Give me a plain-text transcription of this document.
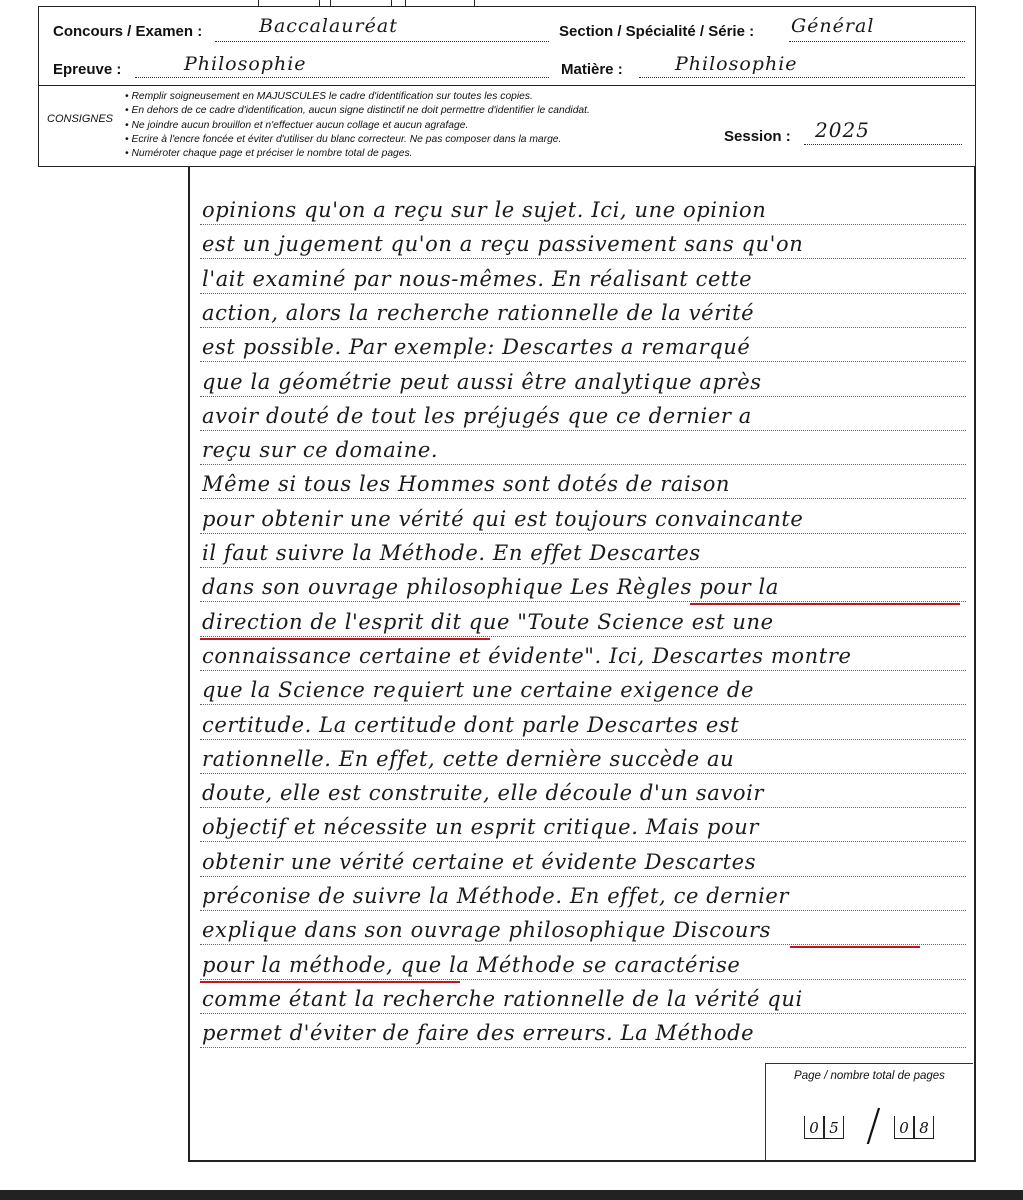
Concours / Examen :	Baccalauréat	Section / Spécialité / Série : Général
Epreuve :	Philosophie	Matière :	Philosophie
CONSIGNES
• Remplir soigneusement en MAJUSCULES le cadre d'identification sur toutes les copies.
• En dehors de ce cadre d'identification, aucun signe distinctif ne doit permettre d'identifier le candidat.
• Ne joindre aucun brouillon et n'effectuer aucun collage et aucun agrafage.
• Ecrire à l'encre foncée et éviter d'utiliser du blanc correcteur. Ne pas composer dans la marge.
• Numéroter chaque page et préciser le nombre total de pages.
Session : 2025
opinions qu'on a reçu sur le sujet. Ici, une opinion
est un jugement qu'on a reçu passivement sans qu'on
l'ait examiné par nous-mêmes. En réalisant cette
action, alors la recherche rationnelle de la vérité
est possible. Par exemple: Descartes a remarqué
que la géométrie peut aussi être analytique après
avoir douté de tout les préjugés que ce dernier a
reçu sur ce domaine.
Même si tous les Hommes sont dotés de raison
pour obtenir une vérité qui est toujours convaincante
il faut suivre la Méthode. En effet Descartes
dans son ouvrage philosophique Les Règles pour la
direction de l'esprit dit que "Toute Science est une
connaissance certaine et évidente". Ici, Descartes montre
que la Science requiert une certaine exigence de
certitude. La certitude dont parle Descartes est
rationnelle. En effet, cette dernière succède au
doute, elle est construite, elle découle d'un savoir
objectif et nécessite un esprit critique. Mais pour
obtenir une vérité certaine et évidente Descartes
préconise de suivre la Méthode. En effet, ce dernier
explique dans son ouvrage philosophique Discours
pour la méthode, que la Méthode se caractérise
comme étant la recherche rationnelle de la vérité qui
permet d'éviter de faire des erreurs. La Méthode
Page / nombre total de pages
0 5 /	0 8
